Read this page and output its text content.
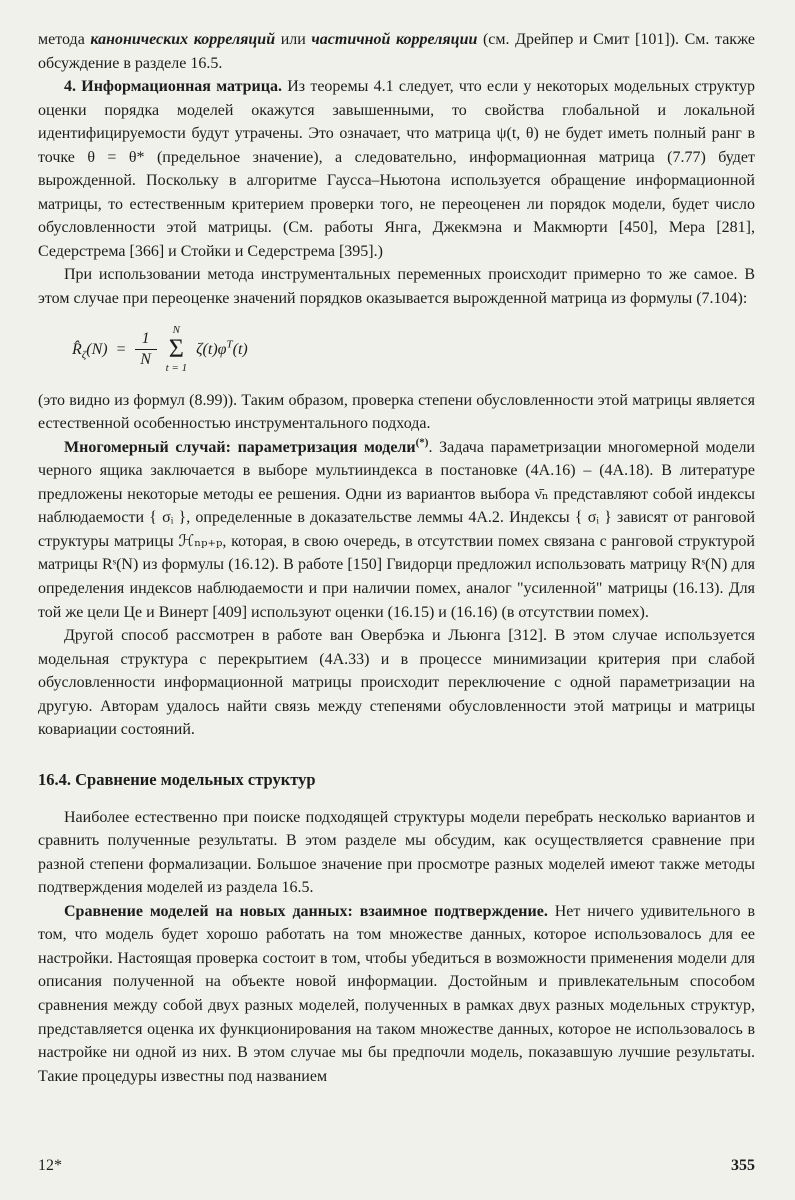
метода канонических корреляций или частичной корреляции (см. Дрейпер и Смит [101]). См. также обсуждение в разделе 16.5.

4. Информационная матрица. Из теоремы 4.1 следует, что если у некоторых модельных структур оценки порядка моделей окажутся завышенными, то свойства глобальной и локальной идентифицируемости будут утрачены. Это означает, что матрица ψ(t, θ) не будет иметь полный ранг в точке θ = θ* (предельное значение), а следовательно, информационная матрица (7.77) будет вырожденной. Поскольку в алгоритме Гаусса–Ньютона используется обращение информационной матрицы, то естественным критерием проверки того, не переоценен ли порядок модели, будет число обусловленности этой матрицы. (См. работы Янга, Джекмэна и Макмюрти [450], Мера [281], Седерстрема [366] и Стойки и Седерстрема [395].)

При использовании метода инструментальных переменных происходит примерно то же самое. В этом случае при переоценке значений порядков оказывается вырожденной матрица из формулы (7.104):

$R̂_\zeta(N) = \frac{1}{N}$ N
Σ
t = 1
$\zeta(t)\varphi^T(t)$

(это видно из формул (8.99)). Таким образом, проверка степени обусловленности этой матрицы является естественной особенностью инструментального подхода.

Многомерный случай: параметризация модели(*). Задача параметризации многомерной модели черного ящика заключается в выборе мультииндекса в постановке (4А.16) – (4А.18). В литературе предложены некоторые методы ее решения. Одни из вариантов выбора ν̄ₙ представляют собой индексы наблюдаемости { σᵢ }, определенные в доказательстве леммы 4А.2. Индексы { σᵢ } зависят от ранговой структуры матрицы ℋₙₚ₊ₚ, которая, в свою очередь, в отсутствии помех связана с ранговой структурой матрицы Rˢ(N) из формулы (16.12). В работе [150] Гвидорци предложил использовать матрицу Rˢ(N) для определения индексов наблюдаемости и при наличии помех, аналог "усиленной" матрицы (16.13). Для той же цели Це и Винерт [409] используют оценки (16.15) и (16.16) (в отсутствии помех).

Другой способ рассмотрен в работе ван Овербэка и Льюнга [312]. В этом случае используется модельная структура с перекрытием (4А.33) и в процессе минимизации критерия при слабой обусловленности информационной матрицы происходит переключение с одной параметризации на другую. Авторам удалось найти связь между степенями обусловленности этой матрицы и матрицы ковариации состояний.

16.4. Сравнение модельных структур

Наиболее естественно при поиске подходящей структуры модели перебрать несколько вариантов и сравнить полученные результаты. В этом разделе мы обсудим, как осуществляется сравнение при разной степени формализации. Большое значение при просмотре разных моделей имеют также методы подтверждения моделей из раздела 16.5.

Сравнение моделей на новых данных: взаимное подтверждение. Нет ничего удивительного в том, что модель будет хорошо работать на том множестве данных, которое использовалось для ее настройки. Настоящая проверка состоит в том, чтобы убедиться в возможности применения модели для описания полученной на объекте новой информации. Достойным и привлекательным способом сравнения между собой двух разных моделей, полученных в рамках двух разных модельных структур, представляется оценка их функционирования на таком множестве данных, которое не использовалось в настройке ни одной из них. В этом случае мы бы предпочли модель, показавшую лучшие результаты. Такие процедуры известны под названием

12*	355
